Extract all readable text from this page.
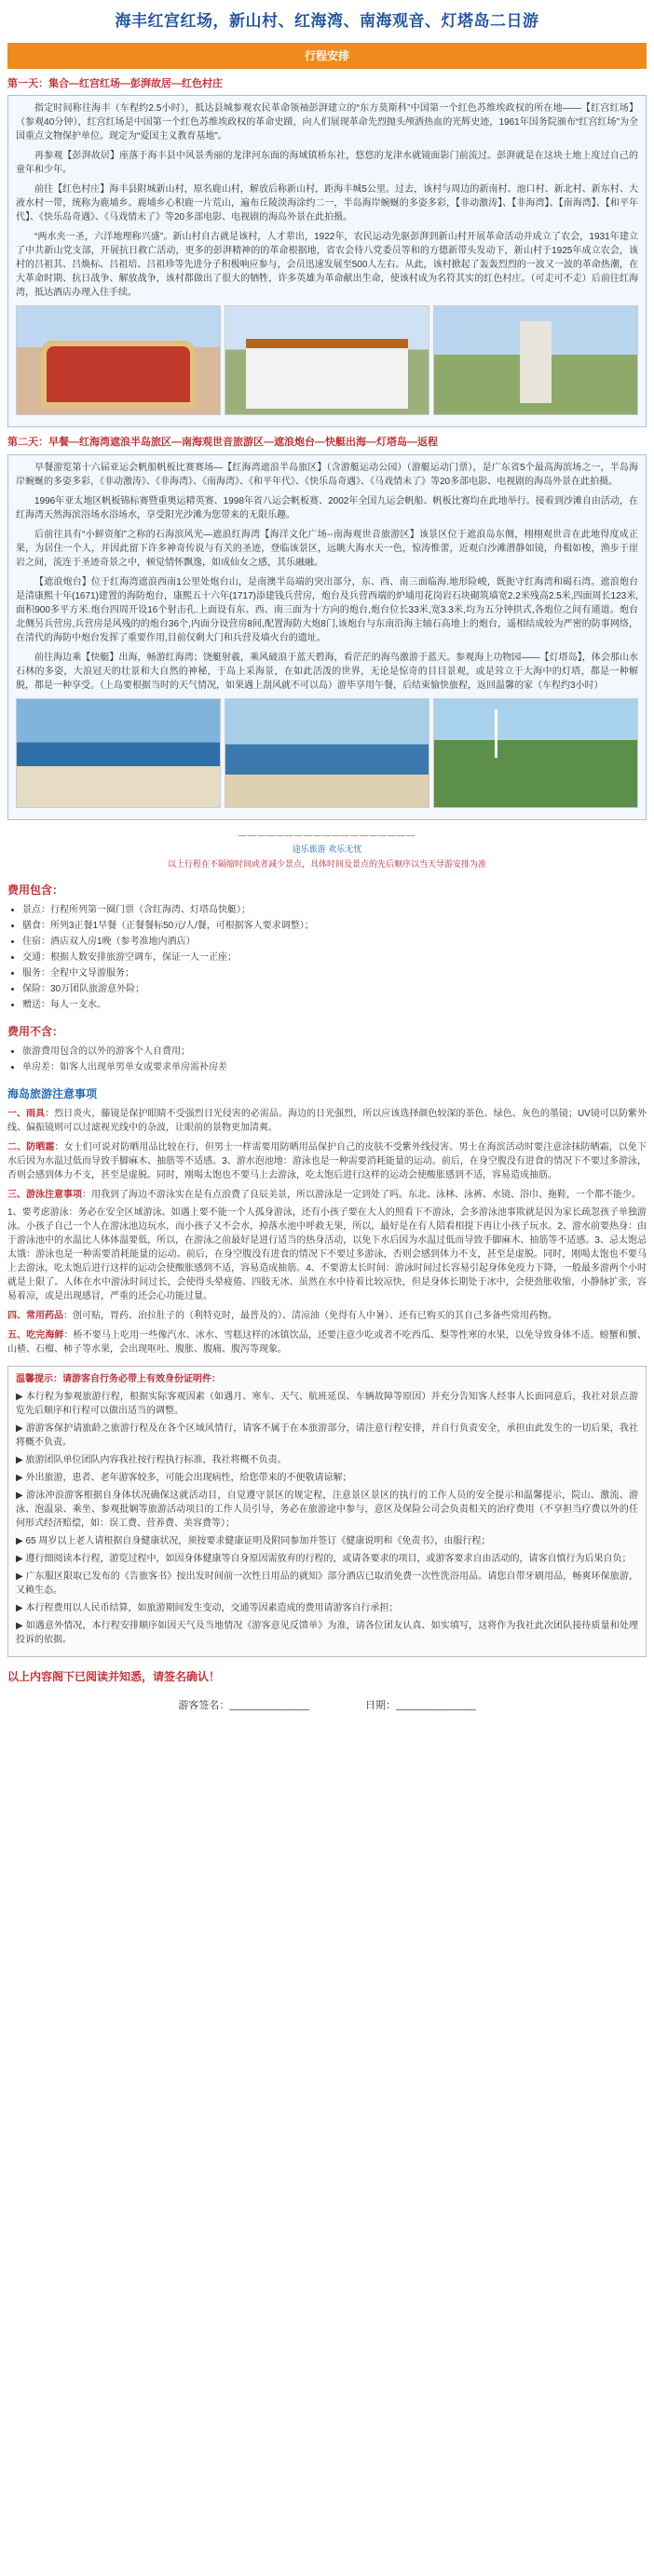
海丰红宫红场，新山村、红海湾、南海观音、灯塔岛二日游
行程安排
第一天：集合—红宫红场—彭湃故居—红色村庄

指定时间称往海丰（车程约2.5小时），抵达县城参观农民革命领袖彭湃建立的“东方莫斯科”中国第一个红色苏维埃政权的所在地——【红宫红场】（参观40分钟），红宫红场是中国第一个红色苏维埃政权的革命史蹟，向人们展现革命先烈抛头颅洒热血的光辉史迹，1961年国务院颁布“红宫红场”为全国重点文物保护单位。现定为“爱国主义教育基地”。

再参观【彭湃故居】座落于海丰县中风景秀丽的龙津河东面的海域镇桥东社，悠悠的龙津水就镜面影门前流过。彭湃就是在这块土地上度过自己的童年和少年。

前往【红色村庄】海丰县附城新山村，原名鹿山村，解放后称新山村，距海丰城5公里。过去，该村与周边的新南村、池口村、新北村、新东村、大液水村一带，统称为鹿埔乡。鹿埔乡心积鹿一片荒山，遍布丘陵淡海涂约二一，半岛海岸蜿蜒的多姿多彩，【非动激涛】、【非海湾】、【南海湾】、【和平年代】、《快乐岛奇遇》、《马戏情未了》等20多部电影、电视剧的海岛外景在此拍摄。

“两水夹一圣，六洋地理称兴盛”。新山村自古就是该村，人才辈出，1922年，农民运动先驱彭湃到新山村开展革命活动并成立了农会，1931年建立了中共新山党支部，开展抗日救亡活动，更多的彭湃精神的的革命根据地，省农会待八党委员等和的方德新带头发动下，新山村于1925年成立农会，该村的吕祖其、吕焕标、吕祖培、吕祖珍等先进分子积极响应参与，会员迅速发展至500人左右。从此，该村掀起了轰轰烈烈的一波又一波的革命热潮，在大革命时期、抗日战争、解放战争，该村都做出了很大的牺牲，许多英雄为革命献出生命，使该村成为名符其实的红色村庄。（可走可不走）后前往红海湾，抵达酒店办理入住手续。

第二天：早餐—红海湾遮浪半岛旅区—南海观世音旅游区—遮浪炮台—快艇出海—灯塔岛—返程

早餐游览第十六届亚运会帆船帆板比赛赛场—【红海湾遮浪半岛旅区】（含游艇运动公园）（游艇运动门票），是广东省5个最高海滨场之一，半岛海岸蜿蜒的多姿多彩，《非动激涛》、《非海湾》、《南海湾》、《和平年代》、《快乐岛奇遇》、《马戏情未了》等20多部电影、电视剧的海岛外景在此拍摄。

1996年亚太地区帆板锦标赛暨重奥运精英赛、1998年省八运会帆板赛、2002年全国九运会帆船、帆板比赛均在此地举行。接着到沙滩自由活动，在红海湾天然海滨浴场水浴场水，享受阳光沙滩为您带来的无限乐趣。

后前往具有“小鲜资舶”之称的石海滨风光—遮浪红海湾【海洋文化广场--南海观世音旅游区】该景区位于遮浪岛东侧，栩栩观世音在此地得度成正果，为居住一个人，并因此留下许多神奇传说与有关的圣迹，登临该景区，远眺大海水天一色，惊涛惟蕾，近观白沙滩潜静如镜，舟楫如梭，渔步于崖岩之间，流连于圣迹奇景之中，顿觉情怀飘逸，如成仙女之感，其乐融融。

【遮浪炮台】位于红海湾遮浪西南1公里处炮台山，是南澳半岛端的突出部分，东、西、南三面临海.地形险峻，既扼守红海湾和碣石湾。遮浪炮台是清康熙十年(1671)建置的海防炮台，康熙五十六年(1717)添建钱兵营房，炮台及兵营西端的炉埔用花岗岩石块砌筑墙宽2.2米残高2.5米,四面周长123米,面积900多平方米.炮台四周开设16个射击孔.上面设有东、西、南三面为十方向的炮台,炮台位长33米,宽3.3米,均为五分钟拱式,各炮位之间有通道。炮台北侧另兵营房,兵营房是风残的的炮台36个,内面分设营房8间,配置海防大炮8门,该炮台与东南沿海主轴石高地上的炮台，遥相结成较为严密的防事网络，在清代的海防中炮台发挥了重要作用,目前仅剩大门和兵营及墙火台的遗址。

前往海边乘【快艇】出海，畅游红海湾；饶艇射羲，乘风破浪于蓝天碧海，看茫茫的海鸟激游于蓝天。参观海上功物园——【灯塔岛】，体会那山水石林的多姿，大浪冠天的壮景和大自然的神秘，于岛上采海景，在如此活泼的世界，无论是惊奇的目目景观，或是耸立于大海中的灯塔，都是一种解脱，都是一种享受。（上岛要根据当时的天气情况，如果遇上刮风就不可以岛）游毕享用午餐，后结束愉快旅程，返回温馨的家（车程约3小时）

———————————————————
途乐旅游 欢乐无忧
以上行程在不隔缩时间或者减少景点，具体时间及景点的先后顺序以当天导游安排为准
费用包含：
• 景点：行程所列第一圈门票（含红海湾、灯塔岛快艇）；
• 膳食：所列3正餐1早餐（正餐餐标50元/人/餐，可根据客人要求调整）；
• 住宿：酒店双人房1晚（参考准地内酒店）
• 交通：根据人数安排旅游空调车，保证一人一正座；
• 服务：全程中文导游服务；
• 保险：30万团队旅游意外险；
• 赠送：每人一支水。
费用不含：
• 旅游费用包含的以外的游客个人自费用；
• 单房差：如客人出现单男单女或要求单房需补房差
海岛旅游注意事项

一、雨具：烈日炎火，藤镜是保护眼睛不受强烈日光侵害的必需品。海边的日光强烈，所以应该选择颜色较深的茶色、绿色、灰色的墨镜；UV镜可以防紫外线、偏振镜则可以过滤视光线中的杂波，让眼前的景物更加清爽。

二、防晒霜：女士们可说对防晒用品比较在行，但男士一样需要用防晒用品保护自己的皮肤不受紫外线侵害。男士在海滨活动时要注意涂抹防晒霜，以免下水后因为水温过低而导致手脚麻木、抽筋等不适感。3、游水泡池地：游泳也是一种需要消耗能量的运动。前后，在身空腹没有进食的情况下不要过多游泳，否则会感到体力不支，甚至是虚脱。同时，刚喝太饱也不要马上去游泳，吃太饱后进行这样的运动会使酸胀感到不适，容易造成抽筋。

三、游泳注意事项：用我到了海边不游泳实在是有点浪费了良辰美景，所以游泳是一定到处了吗。东北、泳林、泳裤、水镜、浴巾、拖鞋，一个都不能少。

1、要考虑游泳：务必在安全区域游泳。如遇上要不能一个人孤身游泳，还有小孩子要在大人的照看下不游泳，会多游泳池事欺就是因为家长疏忽孩子单独游泳。小孩子自己一个人在游泳池边玩水，而小孩子又不会水，掉落水池中呼救无果，所以，最好是在有人陪看相提下再让小孩子玩水。2、游水前要热身：由于游泳池中的水温比人体体温要低，所以，在游泳之前最好是进行适当的热身活动，以免下水后因为水温过低而导致手脚麻木、抽筋等不适感。3、忌太饱忌太饿：游泳也是一种需要消耗能量的运动。前后，在身空腹没有进食的情况下不要过多游泳，否则会感到体力不支，甚至是虚脱。同时，刚喝太饱也不要马上去游泳，吃太饱后进行这样的运动会使酸胀感到不适，容易造成抽筋。4、不要游太长时间：游泳时间过长容易引起身体免疫力下降，一般最多游两个小时就是上限了。人体在水中游泳时间过长，会使得头晕疲倦、四肢无冰、虽然在水中待着比较凉快，但是身体长期处于冰中，会使劲胀收缩，小静脉扩张，容易着凉，或是出现感冒，严重的还会心功能过量。

四、常用药品：创可贴，胃药、治拉肚子的（利特克时，最普及的）、清凉油（免得有人中暑）、还有已购买的其自己多备些常用药物。

五、吃完海鲜：桥不要马上吃用一些像汽水、冰水、雪糕这样的冰镇饮品，还要注意少吃或者不吃西瓜、梨等性寒的水果，以免导致身体不适。螃蟹和蟹、山楂、石榴、柿子等水果，会出现呕吐、腹胀、腹痛、腹泻等现象。

温馨提示：请游客自行务必带上有效身份证明件：

▶ 本行程为参观旅游行程，根据实际客观因素（如遇月、寒车、天气、航班延误、车辆故障等原因）并充分告知客人经事人长面同意后，我社对景点游览先后顺序和行程可以做出适当的调整。

▶ 游游客保护请旅龄之旅游行程及在各个区域风情行，请客不属于在本旅游部分，请注意行程安排，并自行负责安全，承担由此发生的一切后果，我社将概不负责。

▶ 旅游团队单位团队内容我社按行程执行标准，我社将概不负责。

▶ 外出旅游，患者、老年游客较多，可能会出现病性，给您带来的不便敬请谅解；

▶ 游泳冲浪游客根据自身体状况确保这就活动目，自觉遵守景区的规定程，注意景区景区的执行的工作人员的安全提示和温馨提示，院山、激流、游泳、泡温泉、乘坐、参观批娴等旅游活动项目的工作人员引导，务必在旅游途中参与，意区及保险公司会负责相关的治疗费用（不享担当疗费以外的任何形式经济赔偿，如：误工费、营养费、美容费等）；

▶ 65 周岁以上老人请根据自身健康状况，须按要求健康证明及附同参加并签订《健康说明和《免责书》，由服行程；

▶ 遵行细阅读本行程，游览过程中，如因身体健康等自身原因需放弃的行程的，或请各要求的项目，或游客要求自由活动的，请客自慎行为后果自负；

▶ 广东服区限取已发布的《告旅客书》按出发时间前一次性日用品的就知》部分酒店已取消免费一次性洗浴用品。请您自带牙刷用品，畅爽环保旅游，又赖生态。

▶ 本行程费用以人民币结算，如旅游期间发生变动，交通等因素造成的费用请游客自行承担；

▶ 如遇意外情况，本行程安排顺序如因天气及当地情况《游客意见反馈单》为准，请各位团友认真、如实填写，这将作为我社此次团队接待质量和处理投诉的依据。

以上内容阁下已阅读并知悉，请签名确认！
游客签名：______________	日期：______________
